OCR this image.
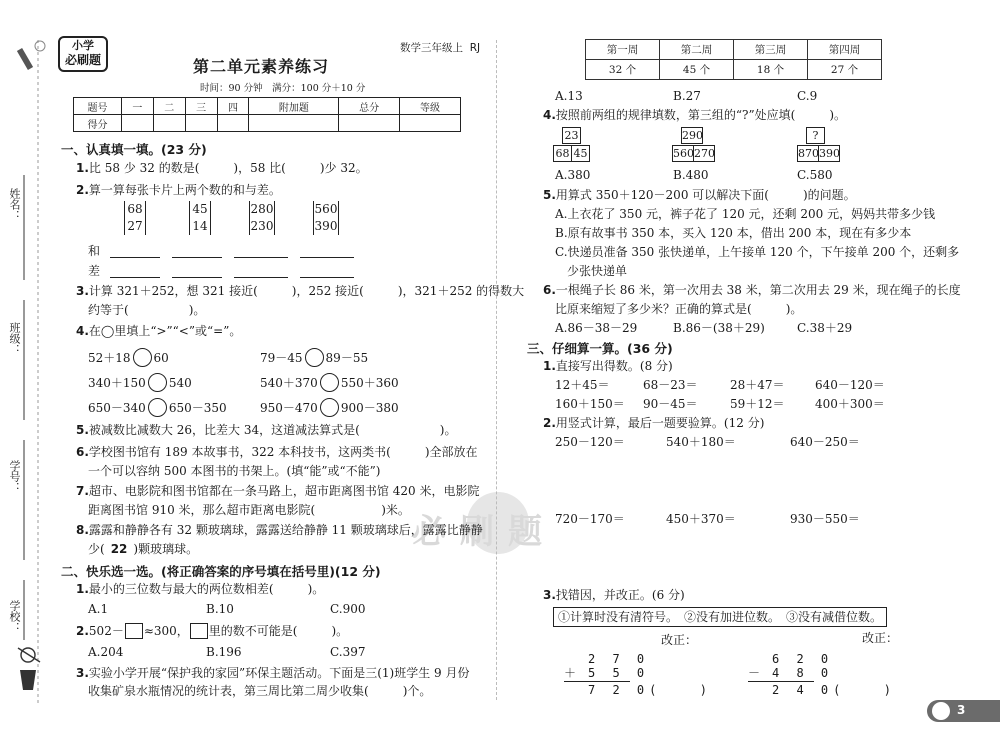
姓名：
班级：
学号：
学校：
小学
必刷题
数学三年级上 RJ
第二单元素养练习
时间：90 分钟　满分：100 分＋10 分
题号	一	二	三	四	附加题	总分	等级
得分							
必刷题
一、认真填一填。(23 分)
1.比 58 少 32 的数是(	)，58 比(	)少 32。
2.算一算每张卡片上两个数的和与差。
68
27
45
14
280
230
560
390
和
差
3.计算 321＋252，想 321 接近(	)，252 接近(	)，321＋252 的得数大
约等于(	)。
4.在◯里填上“>”“<”或“=”。
52＋18 60	79－45 89－55
340＋150 540	540＋370 550＋360
650－340 650－350	950－470 900－380
5.被减数比减数大 26，比差大 34，这道减法算式是(	)。
6.学校图书馆有 189 本故事书，322 本科技书，这两类书(	)全部放在
一个可以容纳 500 本图书的书架上。(填“能”或“不能”)
7.超市、电影院和图书馆都在一条马路上，超市距离图书馆 420 米，电影院
距离图书馆 910 米，那么超市距离电影院(	)米。
8.露露和静静各有 32 颗玻璃球，露露送给静静 11 颗玻璃球后，露露比静静
少( 22 )颗玻璃球。
二、快乐选一选。(将正确答案的序号填在括号里)(12 分)
1.最小的三位数与最大的两位数相差(	)。
A.1	B.10	C.900
2.502－ ≈300， 里的数不可能是(	)。
A.204	B.196	C.397
3.实验小学开展“保护我的家园”环保主题活动。下面是三(1)班学生 9 月份
收集矿泉水瓶情况的统计表，第三周比第二周少收集(	)个。
第一周	第二周	第三周	第四周
32 个	45 个	18 个	27 个
A.13	B.27	C.9
4.按照前两组的规律填数，第三组的“?”处应填(	)。
23
68 45
290
560 270
?
870 390
A.380	B.480	C.580
5.用算式 350＋120－200 可以解决下面(	)的问题。
A.上衣花了 350 元，裤子花了 120 元，还剩 200 元，妈妈共带多少钱
B.原有故事书 350 本，买入 120 本，借出 200 本，现在有多少本
C.快递员准备 350 张快递单，上午接单 120 个，下午接单 200 个，还剩多
少张快递单
6.一根绳子长 86 米，第一次用去 38 米，第二次用去 29 米，现在绳子的长度
比原来缩短了多少米？正确的算式是(	)。
A.86－38－29	B.86－(38＋29)	C.38＋29
三、仔细算一算。(36 分)
1.直接写出得数。(8 分)
12＋45＝	68－23＝	28＋47＝	640－120＝
160＋150＝ 90－45＝	59＋12＝	400＋300＝
2.用竖式计算，最后一题要验算。(12 分)
250－120＝	540＋180＝	640－250＝
720－170＝	450＋370＝	930－550＝
3.找错因，并改正。(6 分)
①计算时没有清符号。　②没有加进位数。　③没有减借位数。
改正：	改正：
2 7 0
＋ 5 5 0
7 2 0(      )
6 2 0
－ 4 8 0
2 4 0(      )
3
